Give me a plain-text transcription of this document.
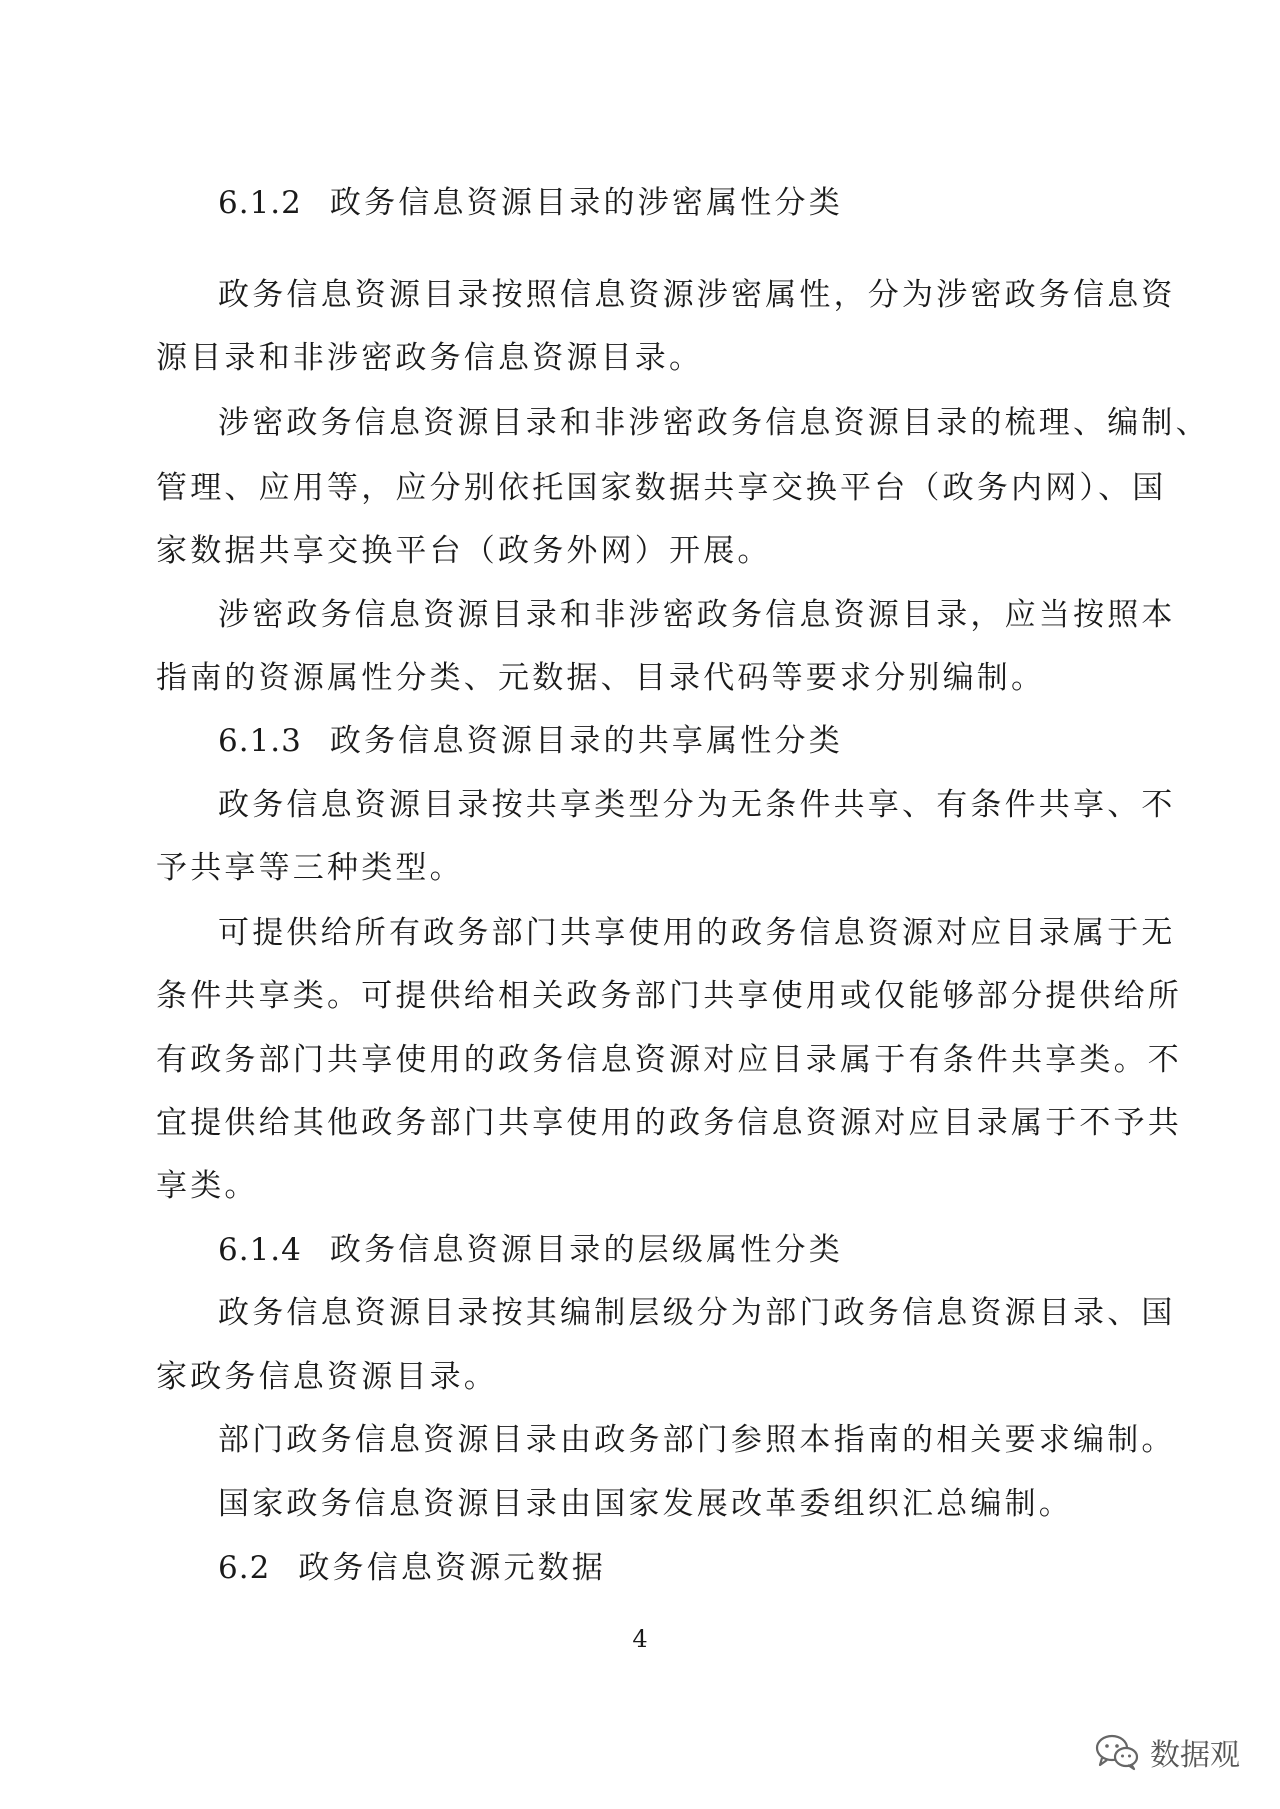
6.1.2 政务信息资源目录的涉密属性分类
政务信息资源目录按照信息资源涉密属性，分为涉密政务信息资
源目录和非涉密政务信息资源目录。
涉密政务信息资源目录和非涉密政务信息资源目录的梳理、编制、
管理、应用等，应分别依托国家数据共享交换平台（政务内网）、国
家数据共享交换平台（政务外网）开展。
涉密政务信息资源目录和非涉密政务信息资源目录，应当按照本
指南的资源属性分类、元数据、目录代码等要求分别编制。
6.1.3 政务信息资源目录的共享属性分类
政务信息资源目录按共享类型分为无条件共享、有条件共享、不
予共享等三种类型。
可提供给所有政务部门共享使用的政务信息资源对应目录属于无
条件共享类。可提供给相关政务部门共享使用或仅能够部分提供给所
有政务部门共享使用的政务信息资源对应目录属于有条件共享类。不
宜提供给其他政务部门共享使用的政务信息资源对应目录属于不予共
享类。
6.1.4 政务信息资源目录的层级属性分类
政务信息资源目录按其编制层级分为部门政务信息资源目录、国
家政务信息资源目录。
部门政务信息资源目录由政务部门参照本指南的相关要求编制。
国家政务信息资源目录由国家发展改革委组织汇总编制。
6.2 政务信息资源元数据
4
数据观
